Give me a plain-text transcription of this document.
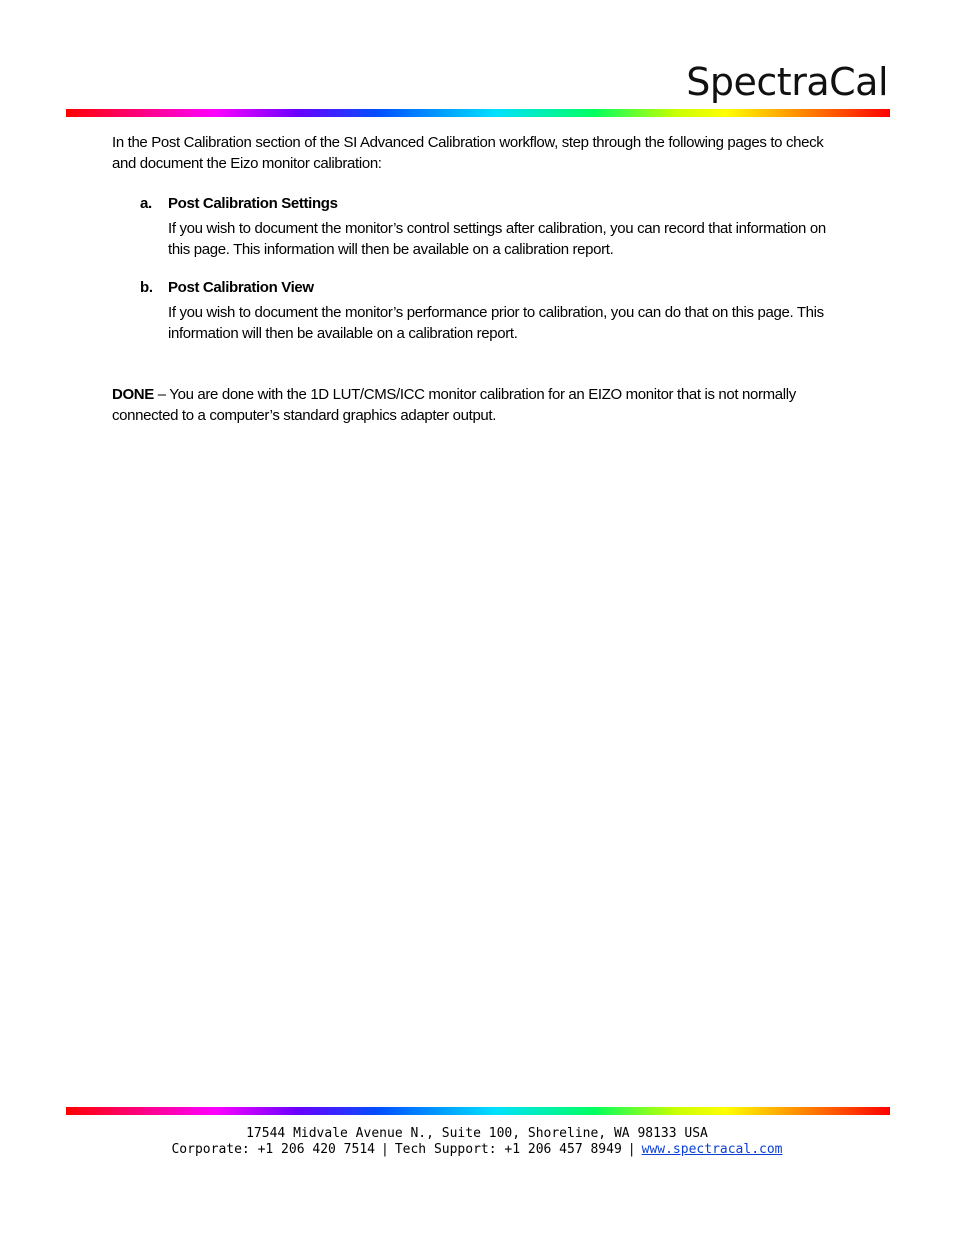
SpectraCal

In the Post Calibration section of the SI Advanced Calibration workflow, step through the following pages to check and document the Eizo monitor calibration:

a. Post Calibration Settings
If you wish to document the monitor’s control settings after calibration, you can record that information on this page. This information will then be available on a calibration report.
b. Post Calibration View
If you wish to document the monitor’s performance prior to calibration, you can do that on this page. This information will then be available on a calibration report.

DONE – You are done with the 1D LUT/CMS/ICC monitor calibration for an EIZO monitor that is not normally connected to a computer’s standard graphics adapter output.

17544 Midvale Avenue N., Suite 100, Shoreline, WA 98133 USA
Corporate: +1 206 420 7514 | Tech Support: +1 206 457 8949 | www.spectracal.com
